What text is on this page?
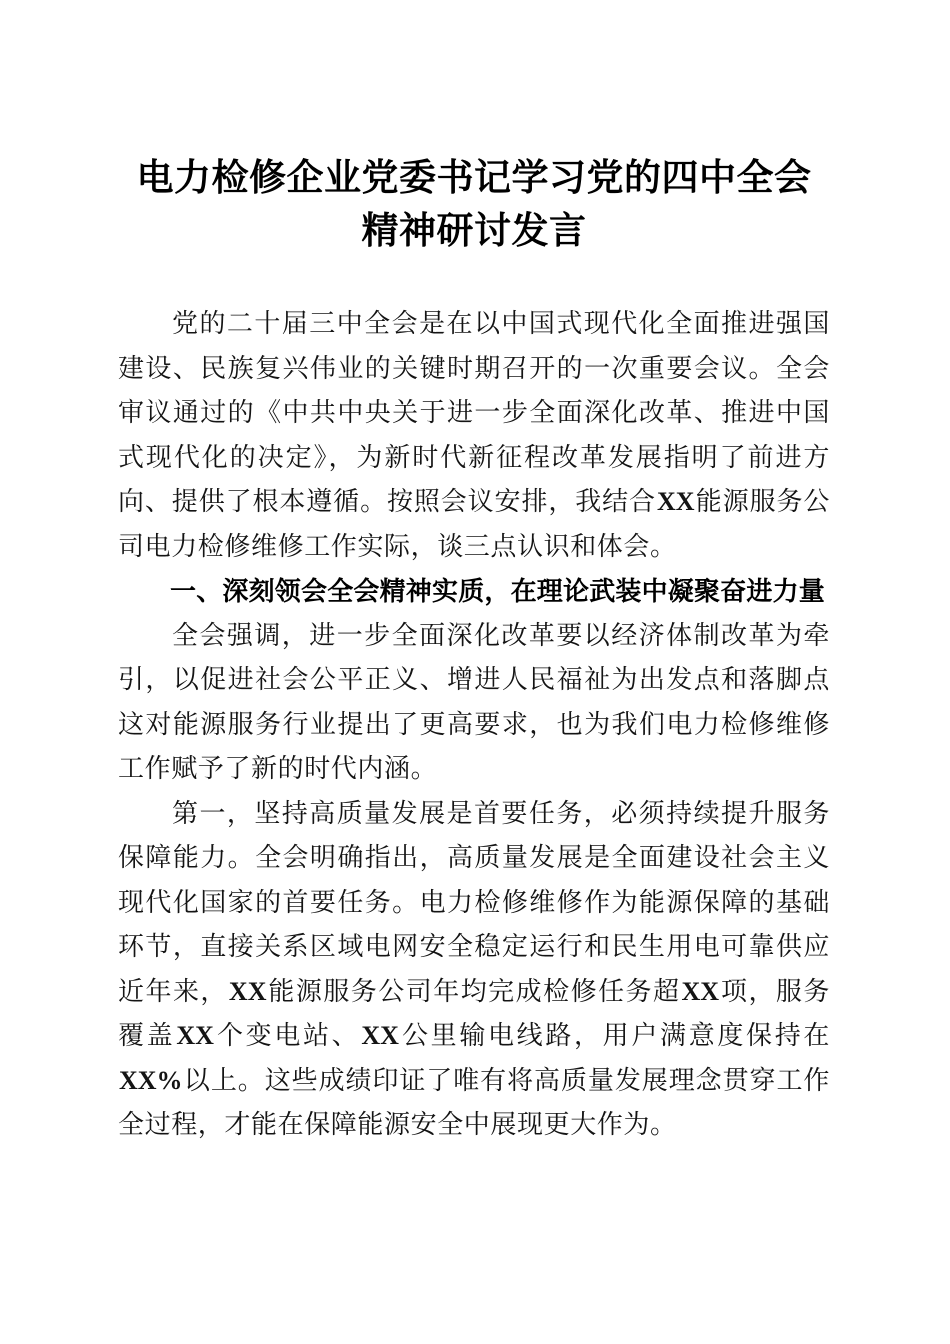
电力检修企业党委书记学习党的四中全会精神研讨发言

党的二十届三中全会是在以中国式现代化全面推进强国建设、民族复兴伟业的关键时期召开的一次重要会议。全会审议通过的《中共中央关于进一步全面深化改革、推进中国式现代化的决定》，为新时代新征程改革发展指明了前进方向、提供了根本遵循。按照会议安排，我结合XX能源服务公司电力检修维修工作实际，谈三点认识和体会。

一、深刻领会全会精神实质，在理论武装中凝聚奋进力量

全会强调，进一步全面深化改革要以经济体制改革为牵引，以促进社会公平正义、增进人民福祉为出发点和落脚点这对能源服务行业提出了更高要求，也为我们电力检修维修工作赋予了新的时代内涵。

第一，坚持高质量发展是首要任务，必须持续提升服务保障能力。全会明确指出，高质量发展是全面建设社会主义现代化国家的首要任务。电力检修维修作为能源保障的基础环节，直接关系区域电网安全稳定运行和民生用电可靠供应近年来，XX能源服务公司年均完成检修任务超XX项，服务覆盖XX个变电站、XX公里输电线路，用户满意度保持在XX%以上。这些成绩印证了唯有将高质量发展理念贯穿工作全过程，才能在保障能源安全中展现更大作为。
